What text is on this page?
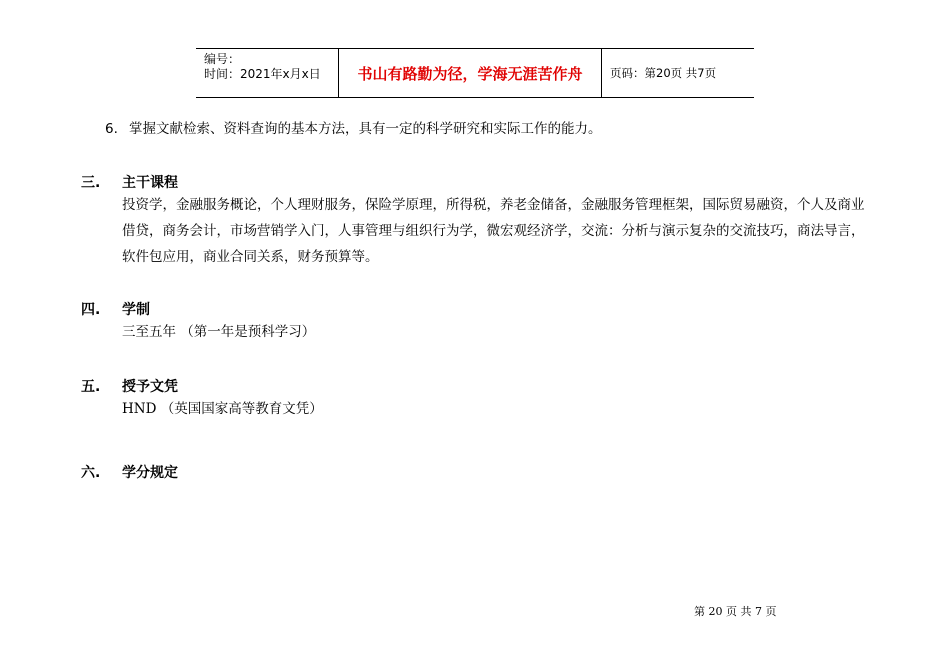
编号：
时间：2021年x月x日	书山有路勤为径，学海无涯苦作舟	页码：第20页 共7页
6. 掌握文献检索、资料查询的基本方法，具有一定的科学研究和实际工作的能力。
三. 主干课程
投资学，金融服务概论，个人理财服务，保险学原理，所得税，养老金储备，金融服务管理框架，国际贸易融资，个人及商业
借贷，商务会计，市场营销学入门，人事管理与组织行为学，微宏观经济学，交流：分析与演示复杂的交流技巧，商法导言，
软件包应用，商业合同关系，财务预算等。
四. 学制
三至五年 （第一年是预科学习）
五. 授予文凭
HND （英国国家高等教育文凭）
六. 学分规定
第 20 页 共 7 页
